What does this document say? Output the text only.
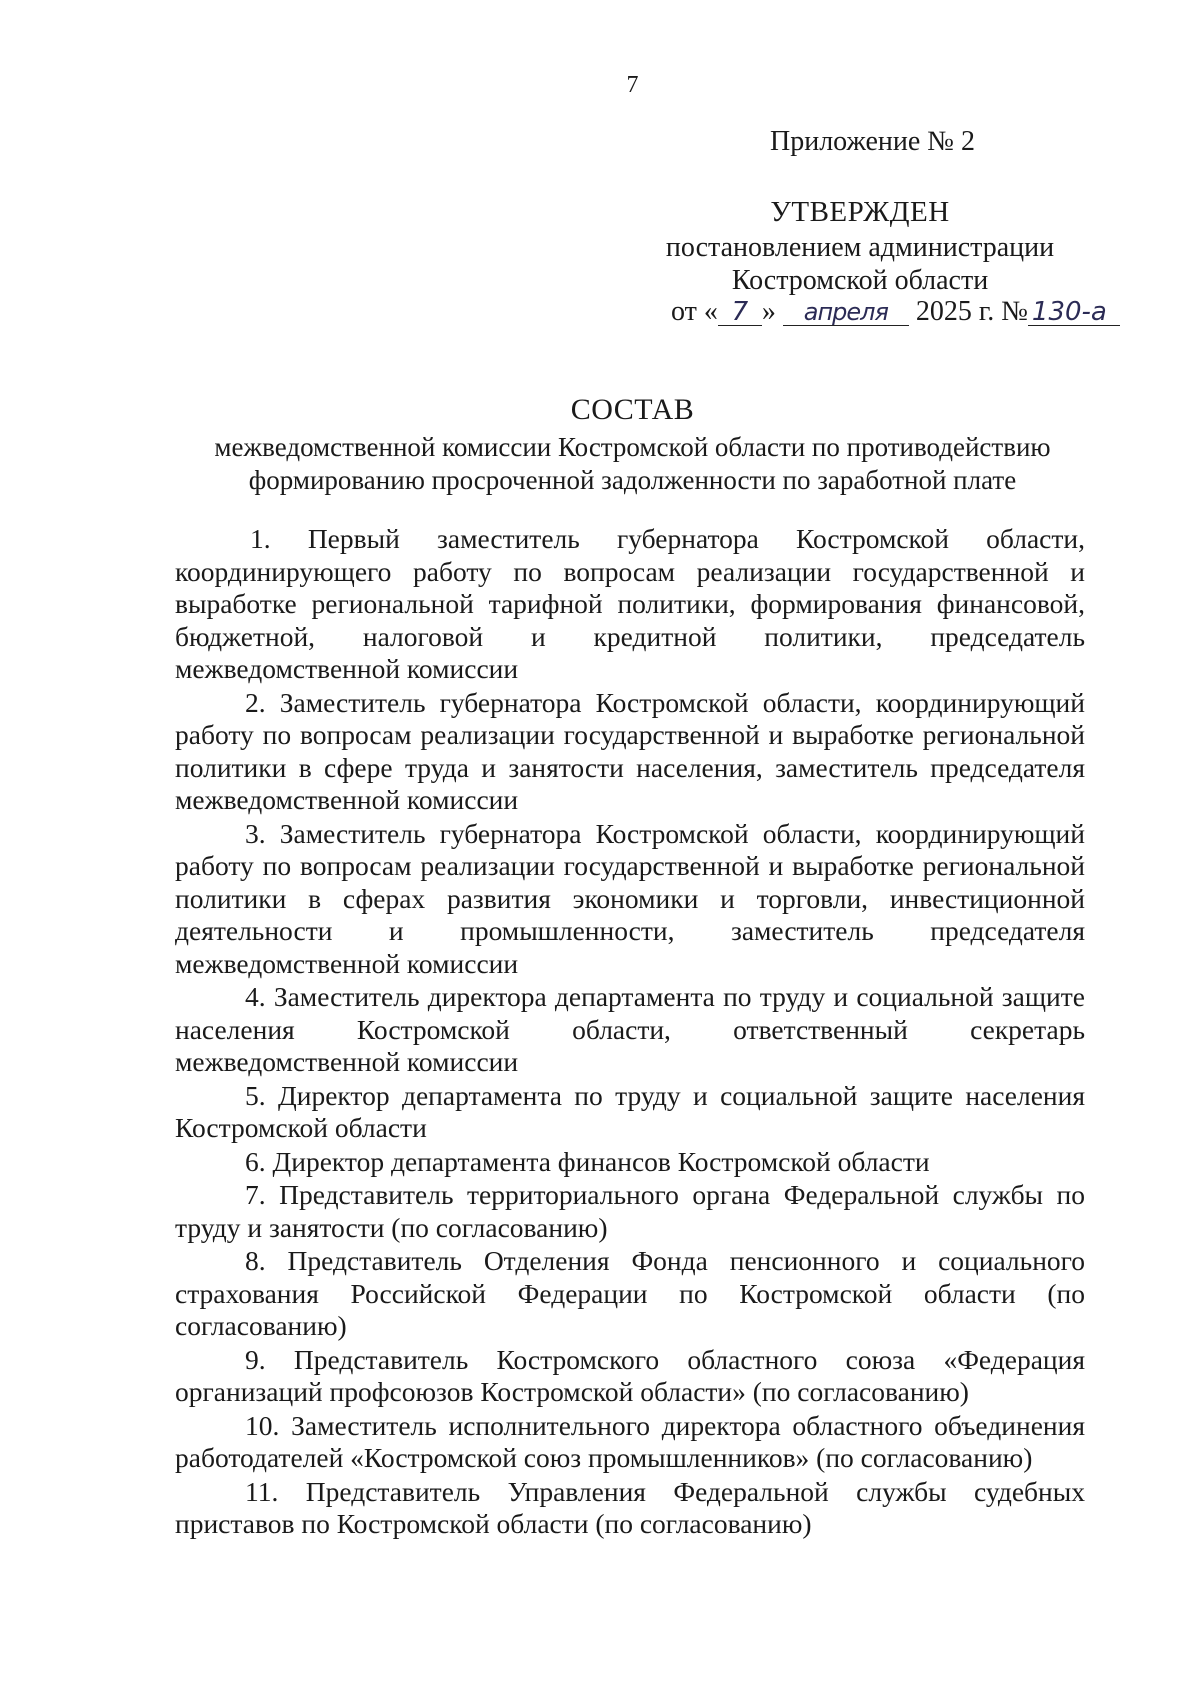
7
Приложение № 2
УТВЕРЖДЕН
постановлением администрации
Костромской области
от « 7 » апреля 2025 г. № 130-а
СОСТАВ
межведомственной комиссии Костромской области по противодействию формированию просроченной задолженности по заработной плате

1. Первый заместитель губернатора Костромской области, координирующего работу по вопросам реализации государственной и выработке региональной тарифной политики, формирования финансовой, бюджетной, налоговой и кредитной политики, председатель межведомственной комиссии

2. Заместитель губернатора Костромской области, координирующий работу по вопросам реализации государственной и выработке региональной политики в сфере труда и занятости населения, заместитель председателя межведомственной комиссии

3. Заместитель губернатора Костромской области, координирующий работу по вопросам реализации государственной и выработке региональной политики в сферах развития экономики и торговли, инвестиционной деятельности и промышленности, заместитель председателя межведомственной комиссии

4. Заместитель директора департамента по труду и социальной защите населения Костромской области, ответственный секретарь межведомственной комиссии

5. Директор департамента по труду и социальной защите населения Костромской области

6. Директор департамента финансов Костромской области

7. Представитель территориального органа Федеральной службы по труду и занятости (по согласованию)

8. Представитель Отделения Фонда пенсионного и социального страхования Российской Федерации по Костромской области (по согласованию)

9. Представитель Костромского областного союза «Федерация организаций профсоюзов Костромской области» (по согласованию)

10. Заместитель исполнительного директора областного объединения работодателей «Костромской союз промышленников» (по согласованию)

11. Представитель Управления Федеральной службы судебных приставов по Костромской области (по согласованию)
